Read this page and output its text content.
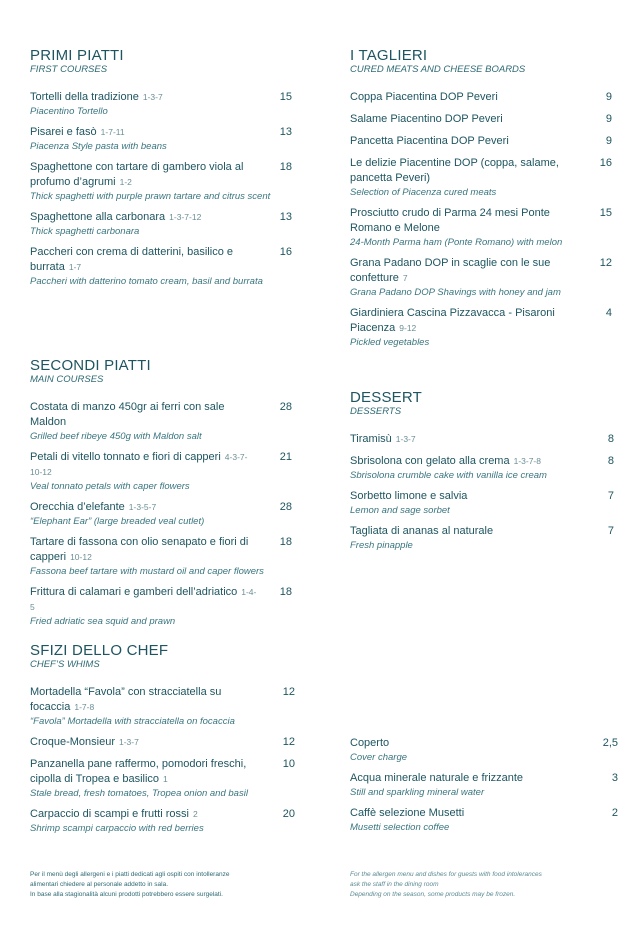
PRIMI PIATTI
FIRST COURSES
Tortelli della tradizione 1-3-7
Piacentino Tortello
15
Pisarei e fasò 1-7-11
Piacenza Style pasta with beans
13
Spaghettone con tartare di gambero viola al profumo d’agrumi 1-2
Thick spaghetti with purple prawn tartare and citrus scent
18
Spaghettone alla carbonara 1-3-7-12
Thick spaghetti carbonara
13
Paccheri con crema di datterini, basilico e burrata 1-7
Paccheri with datterino tomato cream, basil and burrata
16
I TAGLIERI
CURED MEATS AND CHEESE BOARDS
Coppa Piacentina DOP Peveri	9
Salame Piacentino DOP Peveri	9
Pancetta Piacentina DOP Peveri	9
Le delizie Piacentine DOP (coppa, salame, pancetta Peveri)
Selection of Piacenza cured meats
16
Prosciutto crudo di Parma 24 mesi Ponte Romano e Melone
24-Month Parma ham (Ponte Romano) with melon
15
Grana Padano DOP in scaglie con le sue confetture 7
Grana Padano DOP Shavings with honey and jam
12
Giardiniera Cascina Pizzavacca - Pisaroni Piacenza 9-12
Pickled vegetables
4
SECONDI PIATTI
MAIN COURSES
Costata di manzo 450gr ai ferri con sale Maldon
Grilled beef ribeye 450g with Maldon salt
28
Petali di vitello tonnato e fiori di capperi 4-3-7-10-12
Veal tonnato petals with caper flowers
21
Orecchia d’elefante 1-3-5-7
“Elephant Ear” (large breaded veal cutlet)
28
Tartare di fassona con olio senapato e fiori di capperi 10-12
Fassona beef tartare with mustard oil and caper flowers
18
Frittura di calamari e gamberi dell’adriatico 1-4-5
Fried adriatic sea squid and prawn
18
DESSERT
DESSERTS
Tiramisù 1-3-7	8
Sbrisolona con gelato alla crema 1-3-7-8
Sbrisolona crumble cake with vanilla ice cream
8
Sorbetto limone e salvia
Lemon and sage sorbet
7
Tagliata di ananas al naturale
Fresh pinapple
7
SFIZI DELLO CHEF
CHEF’S WHIMS
Mortadella “Favola” con stracciatella su focaccia 1-7-8
“Favola” Mortadella with stracciatella on focaccia
12
Croque-Monsieur 1-3-7	12
Panzanella pane raffermo, pomodori freschi, cipolla di Tropea e basilico 1
Stale bread, fresh tomatoes, Tropea onion and basil
10
Carpaccio di scampi e frutti rossi 2
Shrimp scampi carpaccio with red berries
20
Coperto
Cover charge
2,5
Acqua minerale naturale e frizzante
Still and sparkling mineral water
3
Caffè selezione Musetti
Musetti selection coffee
2
Per il menù degli allergeni e i piatti dedicati agli ospiti con intolleranze
alimentari chiedere al personale addetto in sala.
In base alla stagionalità alcuni prodotti potrebbero essere surgelati.
For the allergen menu and dishes for guests with food intolerances
ask the staff in the dining room
Depending on the season, some products may be frozen.
